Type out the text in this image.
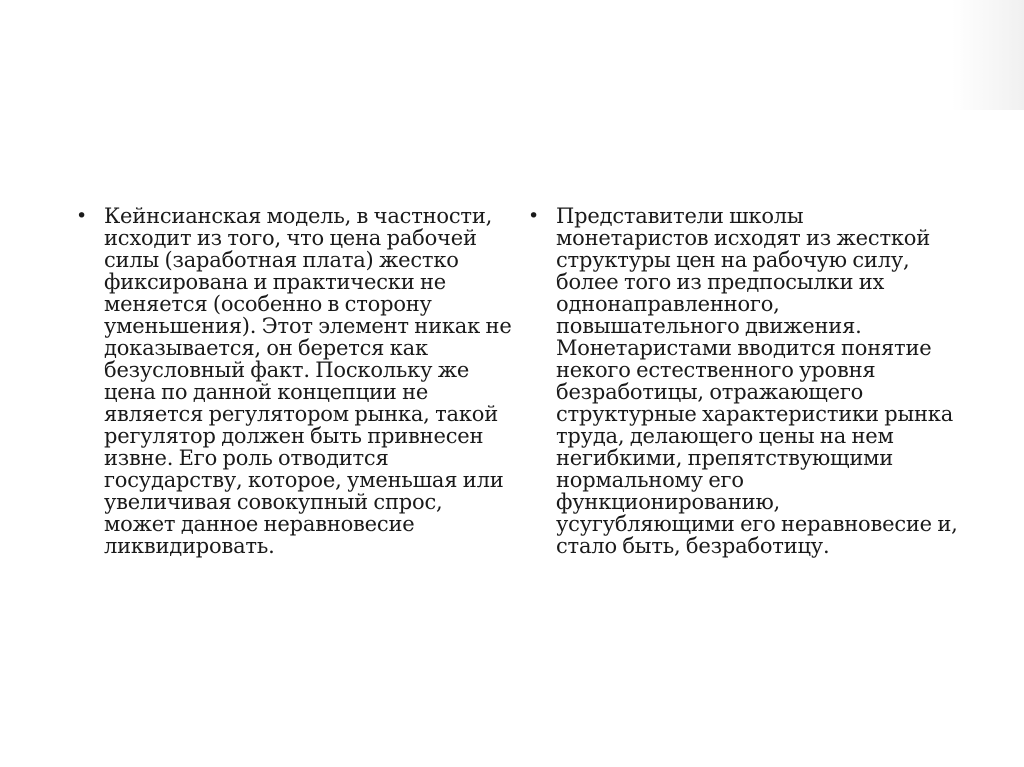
• Кейнсианская модель, в частности, исходит из того, что цена рабочей силы (заработная плата) жестко фиксирована и практически не меняется (особенно в сторону уменьшения). Этот элемент никак не доказывается, он берется как безусловный факт. Поскольку же цена по данной концепции не является регулятором рынка, такой регулятор должен быть привнесен извне. Его роль отводится государству, которое, уменьшая или увеличивая совокупный спрос, может данное неравновесие ликвидировать.

• Представители школы монетаристов исходят из жесткой структуры цен на рабочую силу, более того из предпосылки их однонаправленного, повышательного движения. Монетаристами вводится понятие некого естественного уровня безработицы, отражающего структурные характеристики рынка труда, делающего цены на нем негибкими, препятствующими нормальному его функционированию, усугубляющими его неравновесие и, стало быть, безработицу.
